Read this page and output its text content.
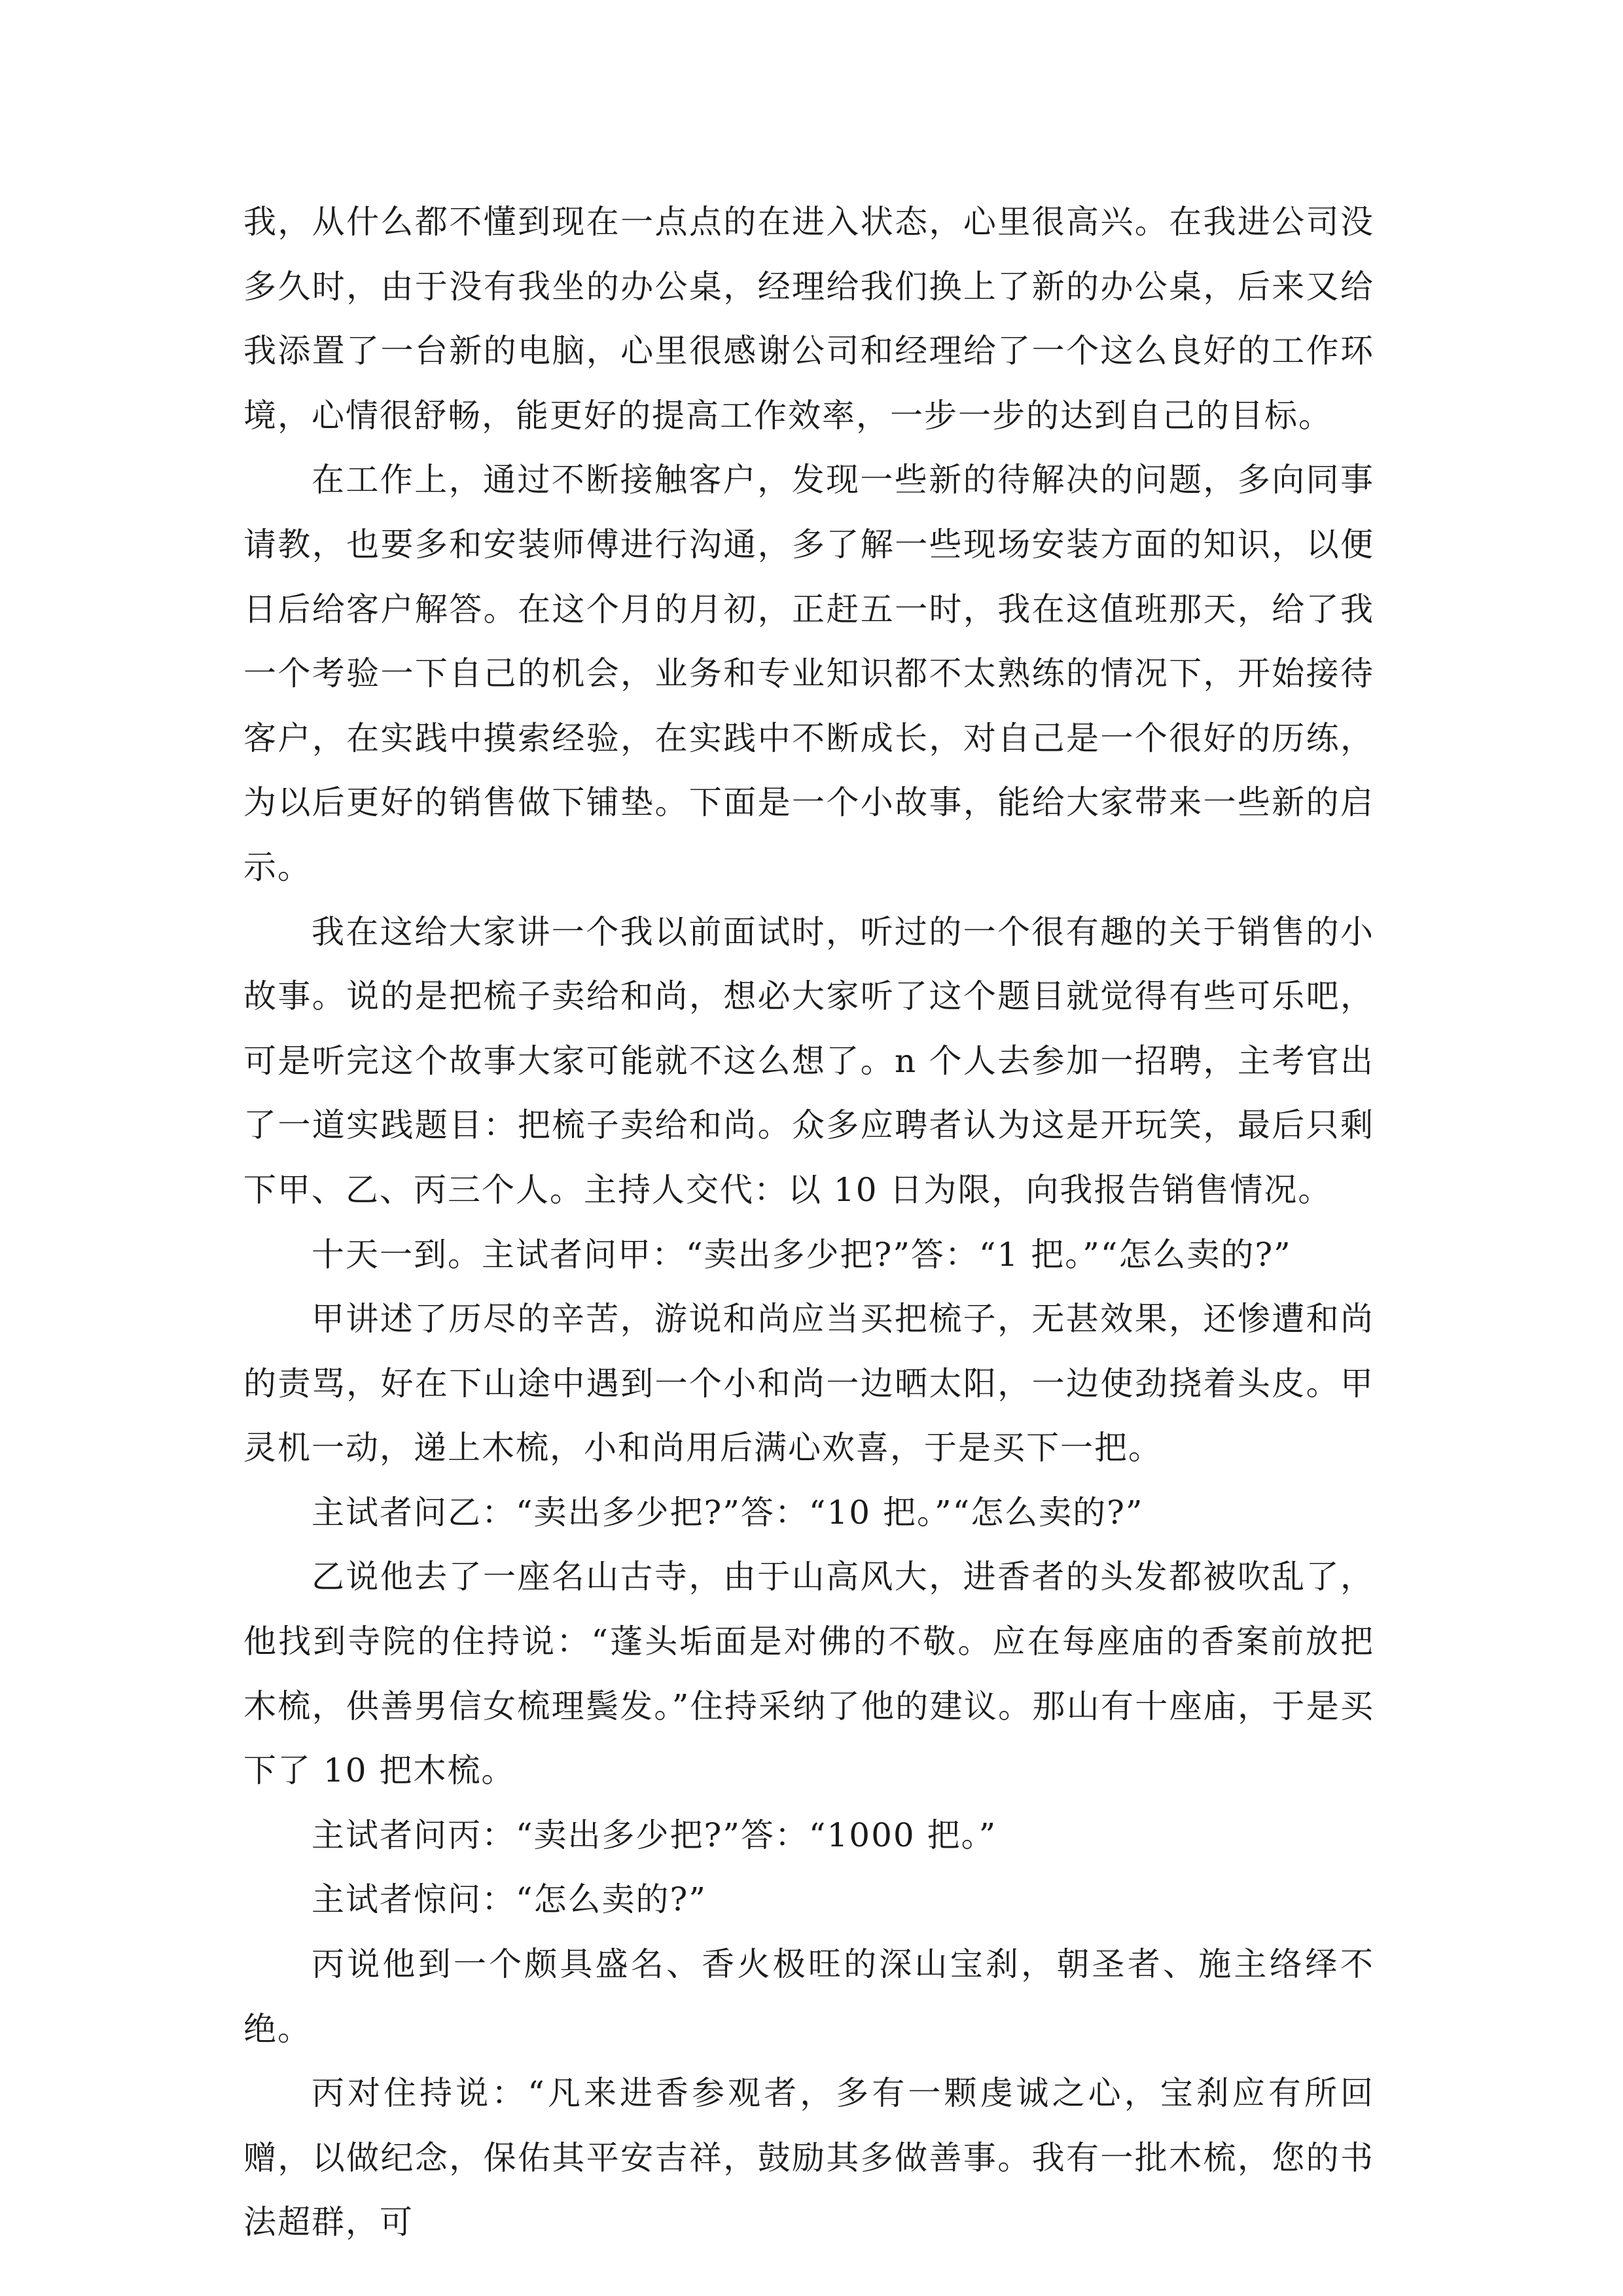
我，从什么都不懂到现在一点点的在进入状态，心里很高兴。在我进公司没多久时，由于没有我坐的办公桌，经理给我们换上了新的办公桌，后来又给我添置了一台新的电脑，心里很感谢公司和经理给了一个这么良好的工作环境，心情很舒畅，能更好的提高工作效率，一步一步的达到自己的目标。

在工作上，通过不断接触客户，发现一些新的待解决的问题，多向同事请教，也要多和安装师傅进行沟通，多了解一些现场安装方面的知识，以便日后给客户解答。在这个月的月初，正赶五一时，我在这值班那天，给了我一个考验一下自己的机会，业务和专业知识都不太熟练的情况下，开始接待客户，在实践中摸索经验，在实践中不断成长，对自己是一个很好的历练，为以后更好的销售做下铺垫。下面是一个小故事，能给大家带来一些新的启示。

我在这给大家讲一个我以前面试时，听过的一个很有趣的关于销售的小故事。说的是把梳子卖给和尚，想必大家听了这个题目就觉得有些可乐吧，可是听完这个故事大家可能就不这么想了。n 个人去参加一招聘，主考官出了一道实践题目：把梳子卖给和尚。众多应聘者认为这是开玩笑，最后只剩下甲、乙、丙三个人。主持人交代：以 10 日为限，向我报告销售情况。

十天一到。主试者问甲：“卖出多少把?”答：“1 把。”“怎么卖的?”

甲讲述了历尽的辛苦，游说和尚应当买把梳子，无甚效果，还惨遭和尚的责骂，好在下山途中遇到一个小和尚一边晒太阳，一边使劲挠着头皮。甲灵机一动，递上木梳，小和尚用后满心欢喜，于是买下一把。

主试者问乙：“卖出多少把?”答：“10 把。”“怎么卖的?”

乙说他去了一座名山古寺，由于山高风大，进香者的头发都被吹乱了，他找到寺院的住持说：“蓬头垢面是对佛的不敬。应在每座庙的香案前放把木梳，供善男信女梳理鬓发。”住持采纳了他的建议。那山有十座庙，于是买下了 10 把木梳。

主试者问丙：“卖出多少把?”答：“1000 把。”

主试者惊问：“怎么卖的?”

丙说他到一个颇具盛名、香火极旺的深山宝刹，朝圣者、施主络绎不绝。

丙对住持说：“凡来进香参观者，多有一颗虔诚之心，宝刹应有所回赠，以做纪念，保佑其平安吉祥，鼓励其多做善事。我有一批木梳，您的书法超群，可
